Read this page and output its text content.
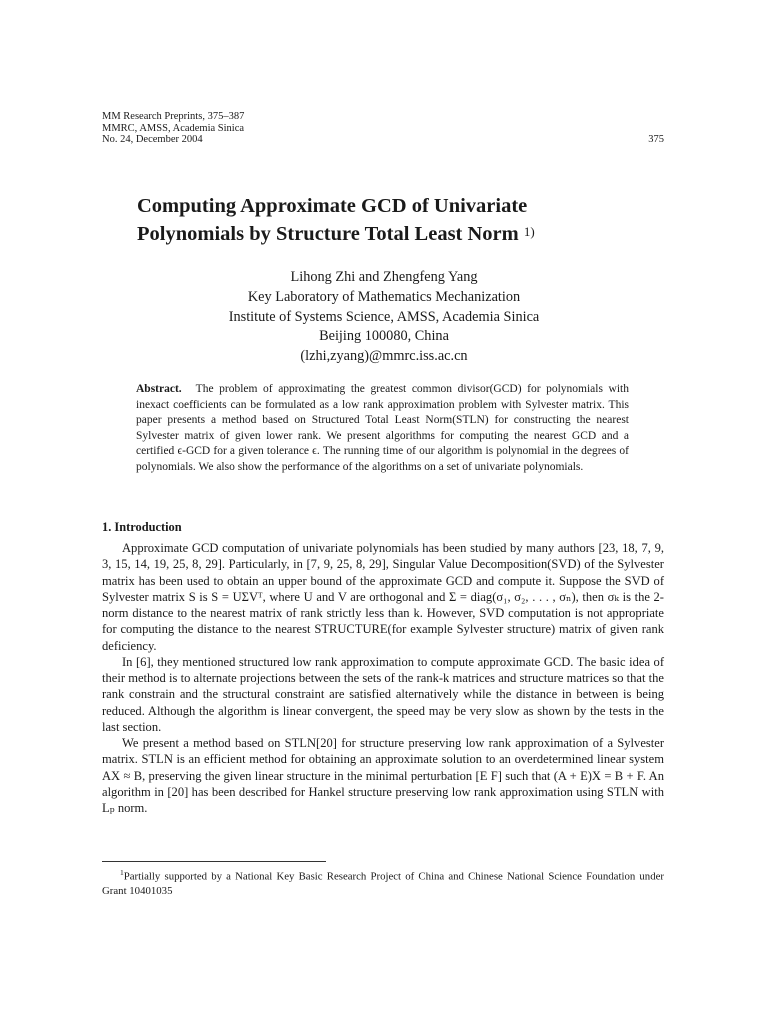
MM Research Preprints, 375–387
MMRC, AMSS, Academia Sinica
No. 24, December 2004	375
Computing Approximate GCD of Univariate
Polynomials by Structure Total Least Norm $^{1)}$
Lihong Zhi and Zhengfeng Yang
Key Laboratory of Mathematics Mechanization
Institute of Systems Science, AMSS, Academia Sinica
Beijing 100080, China
(lzhi,zyang)@mmrc.iss.ac.cn
Abstract. The problem of approximating the greatest common divisor(GCD) for polynomials with inexact coefficients can be formulated as a low rank approximation problem with Sylvester matrix. This paper presents a method based on Structured Total Least Norm(STLN) for constructing the nearest Sylvester matrix of given lower rank. We present algorithms for computing the nearest GCD and a certified ϵ-GCD for a given tolerance ϵ. The running time of our algorithm is polynomial in the degrees of polynomials. We also show the performance of the algorithms on a set of univariate polynomials.
1. Introduction

Approximate GCD computation of univariate polynomials has been studied by many authors [23, 18, 7, 9, 3, 15, 14, 19, 25, 8, 29]. Particularly, in [7, 9, 25, 8, 29], Singular Value Decomposition(SVD) of the Sylvester matrix has been used to obtain an upper bound of the approximate GCD and compute it. Suppose the SVD of Sylvester matrix S is S = UΣVᵀ, where U and V are orthogonal and Σ = diag(σ₁, σ₂, . . . , σₙ), then σₖ is the 2-norm distance to the nearest matrix of rank strictly less than k. However, SVD computation is not appropriate for computing the distance to the nearest STRUCTURE(for example Sylvester structure) matrix of given rank deficiency.

In [6], they mentioned structured low rank approximation to compute approximate GCD. The basic idea of their method is to alternate projections between the sets of the rank-k matrices and structure matrices so that the rank constrain and the structural constraint are satisfied alternatively while the distance in between is being reduced. Although the algorithm is linear convergent, the speed may be very slow as shown by the tests in the last section.

We present a method based on STLN[20] for structure preserving low rank approximation of a Sylvester matrix. STLN is an efficient method for obtaining an approximate solution to an overdetermined linear system AX ≈ B, preserving the given linear structure in the minimal perturbation [E F] such that (A + E)X = B + F. An algorithm in [20] has been described for Hankel structure preserving low rank approximation using STLN with Lₚ norm.

$^1$Partially supported by a National Key Basic Research Project of China and Chinese National Science Foundation under Grant 10401035
